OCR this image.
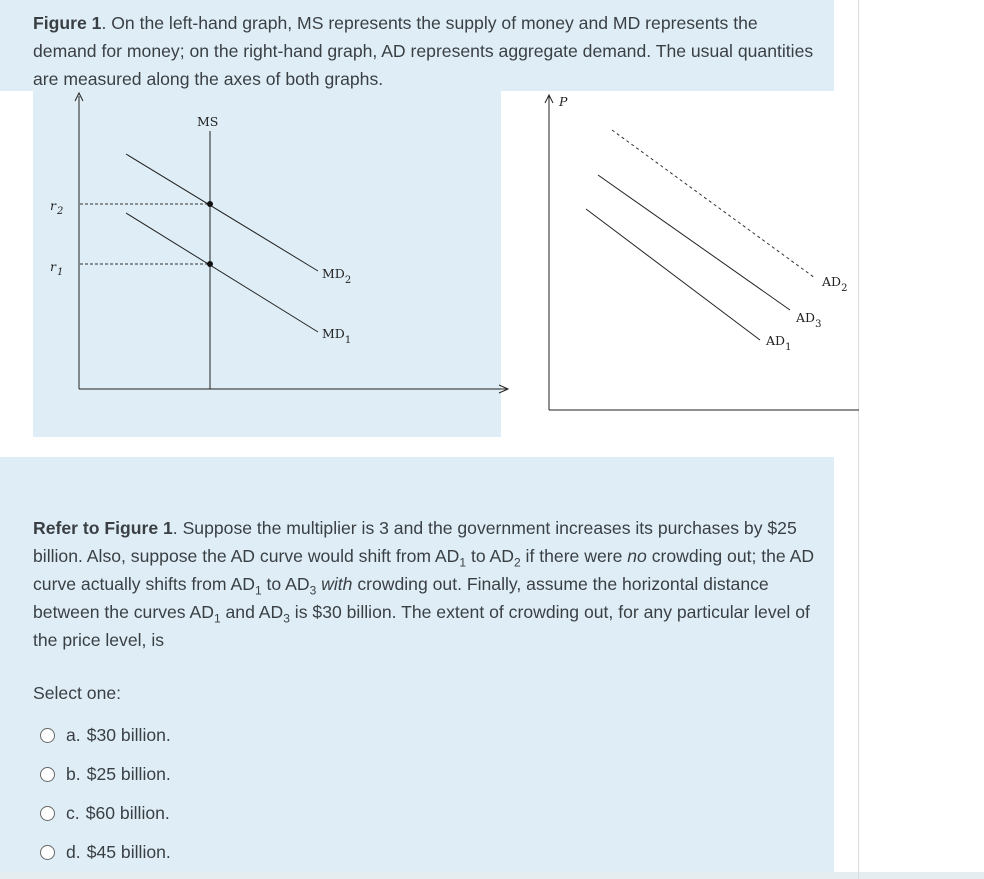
Figure 1. On the left-hand graph, MS represents the supply of money and MD represents the demand for money; on the right-hand graph, AD represents aggregate demand. The usual quantities are measured along the axes of both graphs.
MS
$r_2$
$r_1$	$MD_2$
$MD_1$
P
$AD_2$
$AD_3$
$AD_1$
Refer to Figure 1. Suppose the multiplier is 3 and the government increases its purchases by $25 billion. Also, suppose the AD curve would shift from $AD_1$ to $AD_2$ if there were no crowding out; the AD curve actually shifts from $AD_1$ to $AD_3$ with crowding out. Finally, assume the horizontal distance between the curves $AD_1$ and $AD_3$ is $30 billion. The extent of crowding out, for any particular level of the price level, is
Select one:
a. $30 billion.
b. $25 billion.
c. $60 billion.
d. $45 billion.
